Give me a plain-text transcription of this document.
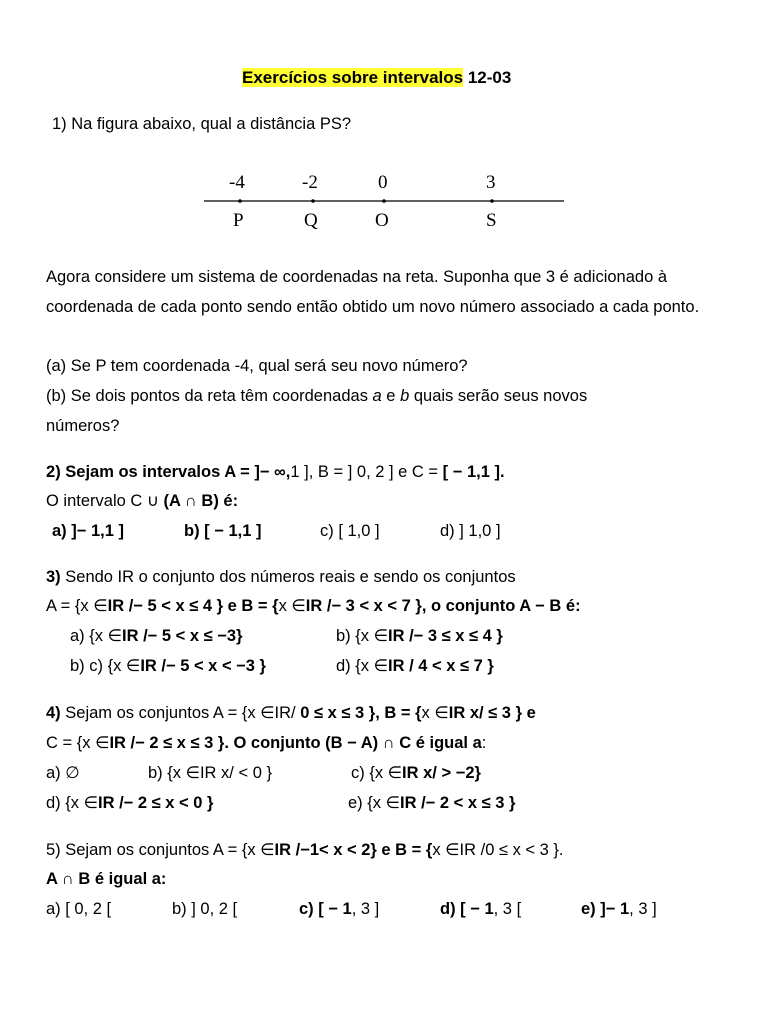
Exercícios sobre intervalos 12-03
1) Na figura abaixo, qual a distância PS?
-4	-2	0	3
P	Q	O	S
Agora considere um sistema de coordenadas na reta. Suponha que 3 é adicionado à coordenada de cada ponto sendo então obtido um novo número associado a cada ponto.
(a) Se P tem coordenada -4, qual será seu novo número?
(b) Se dois pontos da reta têm coordenadas a e b quais serão seus novos
números?
2) Sejam os intervalos A = ]− ∞,1 ], B = ] 0, 2 ] e C = [ − 1,1 ].
O intervalo C ∪ (A ∩ B) é:
a) ]− 1,1 ]	b) [ − 1,1 ]	c) [ 1,0 ]	d) ] 1,0 ]
3) Sendo IR o conjunto dos números reais e sendo os conjuntos
A = {x ∈IR /− 5 < x ≤ 4 } e B = {x ∈IR /− 3 < x < 7 }, o conjunto A − B é:
a) {x ∈IR /− 5 < x ≤ −3}	b) {x ∈IR /− 3 ≤ x ≤ 4 }
b) c) {x ∈IR /− 5 < x < −3 }	d) {x ∈IR / 4 < x ≤ 7 }
4) Sejam os conjuntos A = {x ∈IR/ 0 ≤ x ≤ 3 }, B = {x ∈IR x/ ≤ 3 } e
C = {x ∈IR /− 2 ≤ x ≤ 3 }. O conjunto (B − A) ∩ C é igual a:
a) ∅	b) {x ∈IR x/ < 0 }	c) {x ∈IR x/ > −2}
d) {x ∈IR /− 2 ≤ x < 0 }	e) {x ∈IR /− 2 < x ≤ 3 }
5) Sejam os conjuntos A = {x ∈IR /−1< x < 2} e B = {x ∈IR /0 ≤ x < 3 }.
A ∩ B é igual a:
a) [ 0, 2 [	b) ] 0, 2 [	c) [ − 1, 3 ]	d) [ − 1, 3 [	e) ]− 1, 3 ]
